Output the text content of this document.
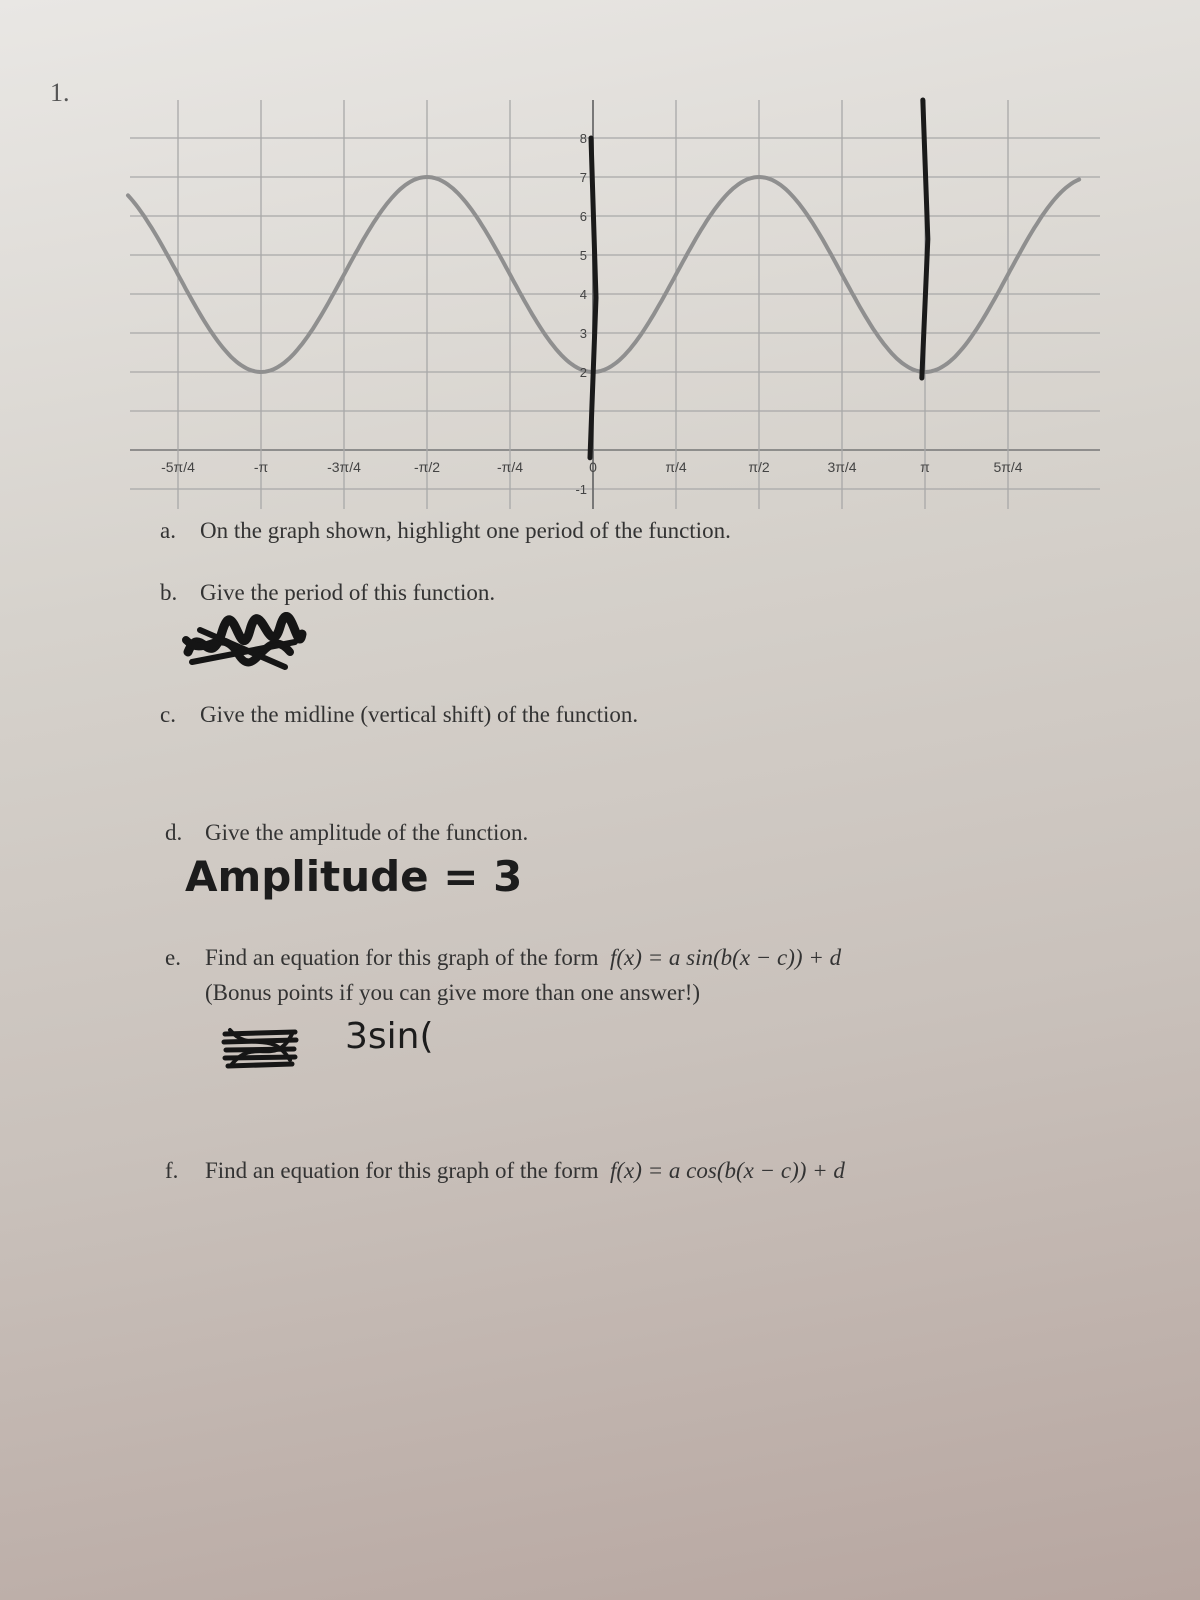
1.
-5π/4	-π	-3π/4	-π/2	-π/4	0	π/4	π/2	3π/4	π	5π/4
8
7
6
5
4
3
2
-1
a. On the graph shown, highlight one period of the function.
b. Give the period of this function.
c. Give the midline (vertical shift) of the function.
d. Give the amplitude of the function.
Amplitude = 3
e. Find an equation for this graph of the form f(x) = a sin(b(x − c)) + d
(Bonus points if you can give more than one answer!)
3sin(
f. Find an equation for this graph of the form f(x) = a cos(b(x − c)) + d
